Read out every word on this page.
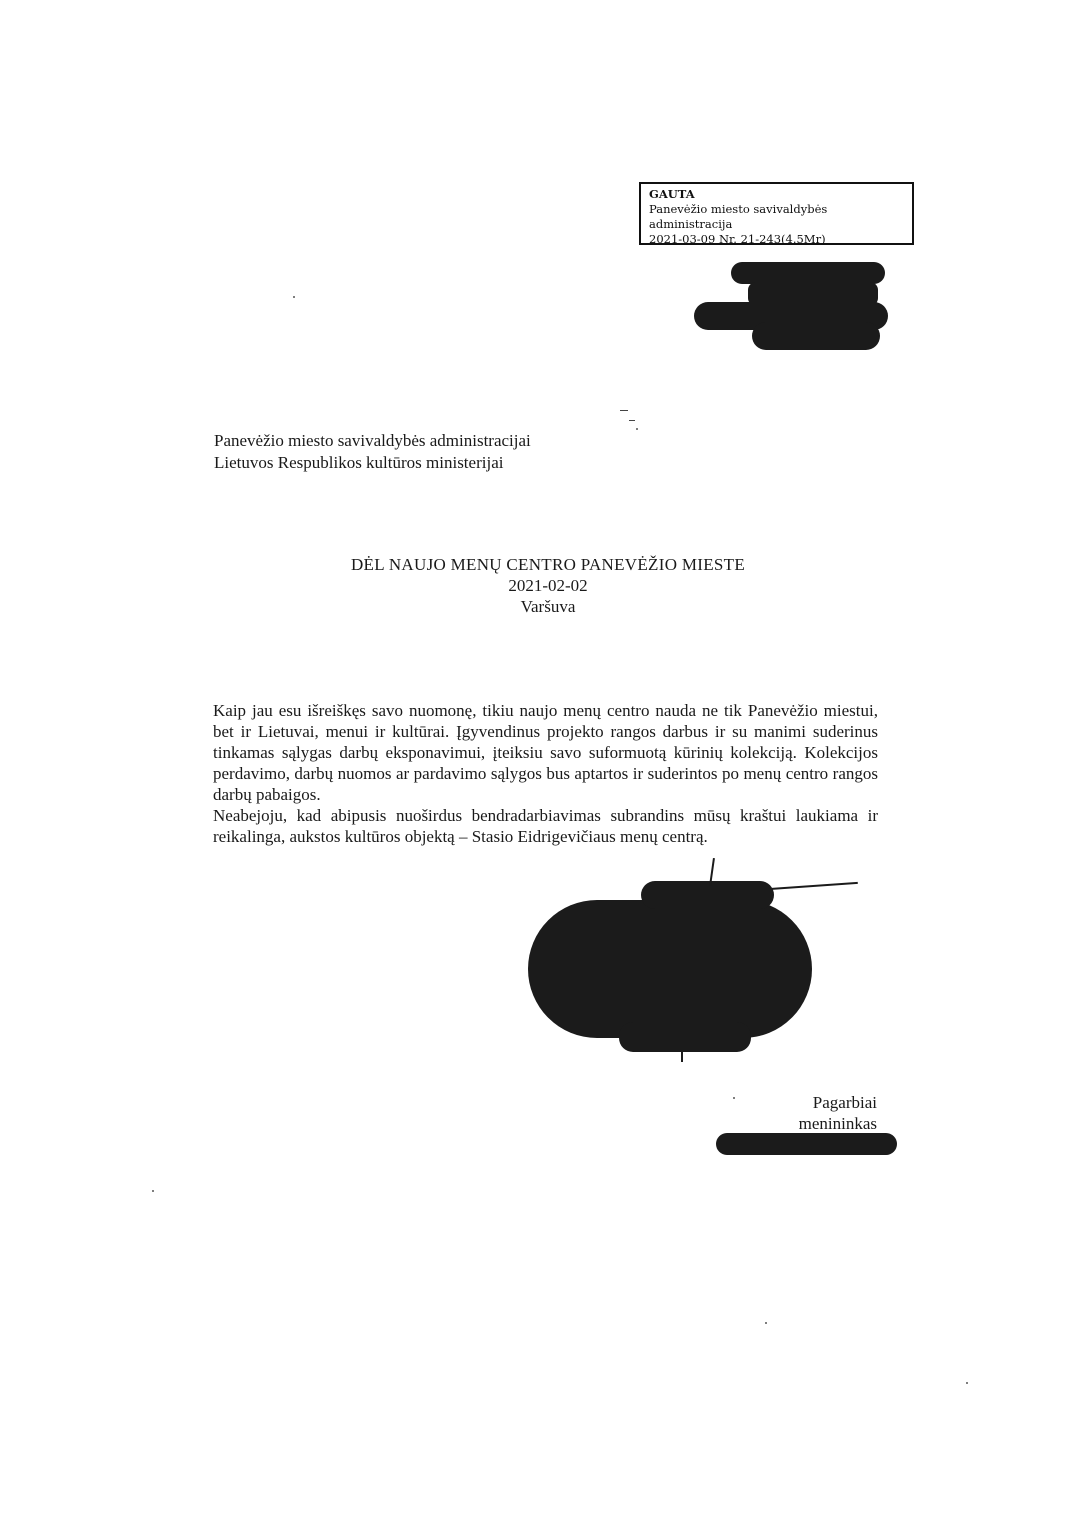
GAUTA
Panevėžio miesto savivaldybės administracija
2021-03-09 Nr. 21-243(4.5Mr)
Panevėžio miesto savivaldybės administracijai
Lietuvos Respublikos kultūros ministerijai
DĖL NAUJO MENŲ CENTRO PANEVĖŽIO MIESTE
2021-02-02
Varšuva

Kaip jau esu išreiškęs savo nuomonę, tikiu naujo menų centro nauda ne tik Panevėžio miestui, bet ir Lietuvai, menui ir kultūrai. Įgyvendinus projekto rangos darbus ir su manimi suderinus tinkamas sąlygas darbų eksponavimui, įteiksiu savo suformuotą kūrinių kolekciją. Kolekcijos perdavimo, darbų nuomos ar pardavimo sąlygos bus aptartos ir suderintos po menų centro rangos darbų pabaigos.

Neabejoju, kad abipusis nuoširdus bendradarbiavimas subrandins mūsų kraštui laukiama ir reikalinga, aukstos kultūros objektą – Stasio Eidrigevičiaus menų centrą.

Pagarbiai
menininkas
